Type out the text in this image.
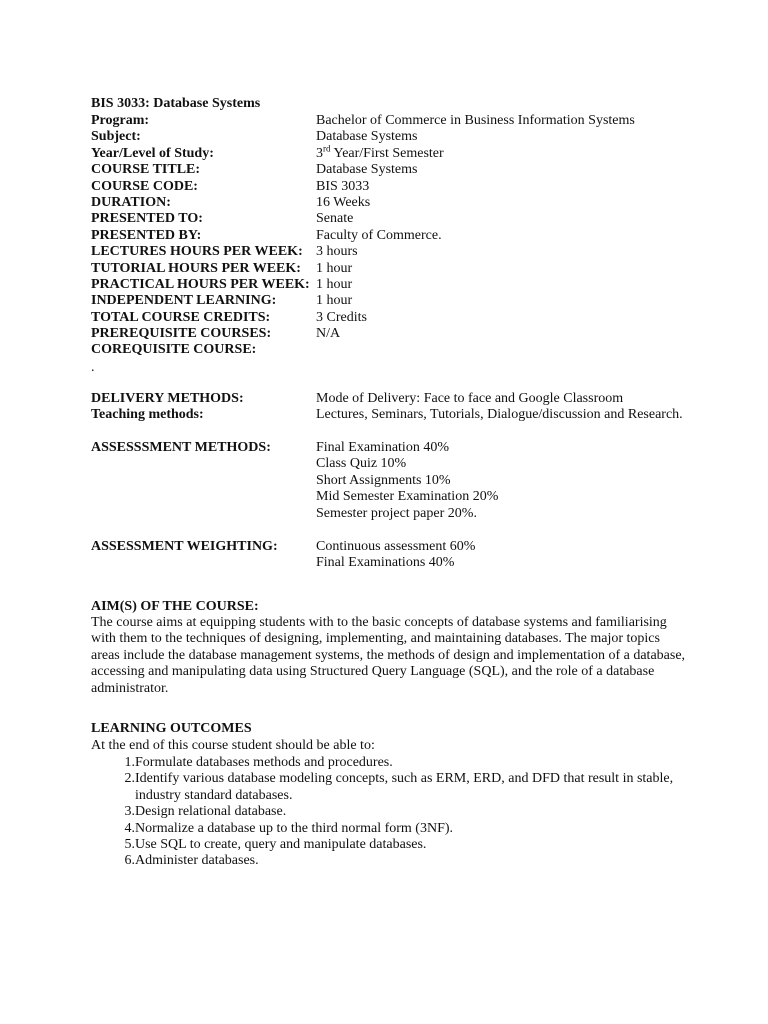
BIS 3033: Database Systems
Program:	Bachelor of Commerce in Business Information Systems
Subject:	Database Systems
Year/Level of Study:	3rd Year/First Semester
COURSE TITLE:	Database Systems
COURSE CODE:	BIS 3033
DURATION:	16 Weeks
PRESENTED TO:	Senate
PRESENTED BY:	Faculty of Commerce.
LECTURES HOURS PER WEEK: 3 hours
TUTORIAL HOURS PER WEEK:	1 hour
PRACTICAL HOURS PER WEEK: 1 hour
INDEPENDENT LEARNING:	1 hour
TOTAL COURSE CREDITS:	3 Credits
PREREQUISITE COURSES:	N/A
COREQUISITE COURSE:
.
DELIVERY METHODS:	Mode of Delivery: Face to face and Google Classroom
Teaching methods:	Lectures, Seminars, Tutorials, Dialogue/discussion and Research.
ASSESSSMENT METHODS:	Final Examination 40%
Class Quiz 10%
Short Assignments 10%
Mid Semester Examination 20%
Semester project paper 20%.
ASSESSMENT WEIGHTING:	Continuous assessment 60%
Final Examinations 40%
AIM(S) OF THE COURSE:
The course aims at equipping students with to the basic concepts of database systems and familiarising with them to the techniques of designing, implementing, and maintaining databases. The major topics areas include the database management systems, the methods of design and implementation of a database, accessing and manipulating data using Structured Query Language (SQL), and the role of a database administrator.
LEARNING OUTCOMES
At the end of this course student should be able to:
1. Formulate databases methods and procedures.
2. Identify various database modeling concepts, such as ERM, ERD, and DFD that result in stable, industry standard databases.
3. Design relational database.
4. Normalize a database up to the third normal form (3NF).
5. Use SQL to create, query and manipulate databases.
6. Administer databases.
